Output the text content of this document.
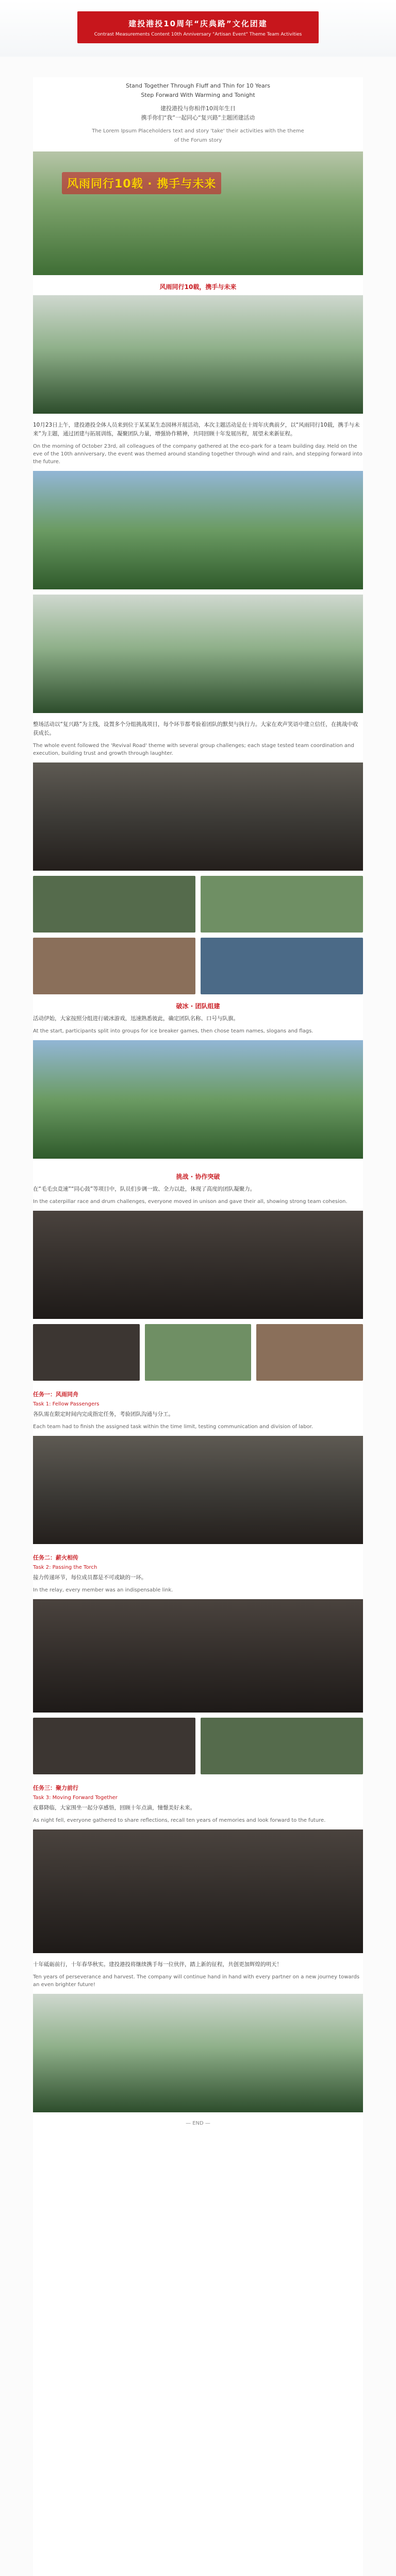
建投港投10周年“庆典路”文化团建
Contrast Measurements Content 10th Anniversary "Artisan Event" Theme Team Activities
Stand Together Through Fluff and Thin for 10 Years
Step Forward With Warming and Tonight
建投港投与你相伴10周年生日
携手你们“我”一起同心“复兴路”主题团建活动
The Lorem Ipsum Placeholders text and story 'take' their activities with the theme
of the Forum story
风雨同行10载 · 携手与未来
风雨同行10载，携手与未来

10月23日上午，建投港投全体人员来到位于某某某生态园林开展活动，本次主题活动是在十周年庆典前夕，以“风雨同行10载，携手与未来”为主题，通过团建与拓展训练，凝聚团队力量，增强协作精神，共同回顾十年发展历程，展望未来新征程。

On the morning of October 23rd, all colleagues of the company gathered at the eco-park for a team building day. Held on the eve of the 10th anniversary, the event was themed around standing together through wind and rain, and stepping forward into the future.

整场活动以“复兴路”为主线，设置多个分组挑战项目，每个环节都考验着团队的默契与执行力。大家在欢声笑语中建立信任，在挑战中收获成长。

The whole event followed the 'Revival Road' theme with several group challenges; each stage tested team coordination and execution, building trust and growth through laughter.

破冰 · 团队组建

活动伊始，大家按照分组进行破冰游戏，迅速熟悉彼此，确定团队名称、口号与队旗。

At the start, participants split into groups for ice breaker games, then chose team names, slogans and flags.

挑战 · 协作突破

在“毛毛虫竞速”“同心鼓”等项目中，队员们步调一致、全力以赴，体现了高度的团队凝聚力。

In the caterpillar race and drum challenges, everyone moved in unison and gave their all, showing strong team cohesion.

任务一：风雨同舟
Task 1: Fellow Passengers

各队需在限定时间内完成指定任务，考验团队沟通与分工。

Each team had to finish the assigned task within the time limit, testing communication and division of labor.

任务二：薪火相传
Task 2: Passing the Torch

接力传递环节，每位成员都是不可或缺的一环。

In the relay, every member was an indispensable link.

任务三：聚力前行
Task 3: Moving Forward Together

夜幕降临，大家围坐一起分享感悟，回顾十年点滴，憧憬美好未来。

As night fell, everyone gathered to share reflections, recall ten years of memories and look forward to the future.

十年砥砺前行，十年春华秋实。建投港投将继续携手每一位伙伴，踏上新的征程，共创更加辉煌的明天！

Ten years of perseverance and harvest. The company will continue hand in hand with every partner on a new journey towards an even brighter future!

— END —
